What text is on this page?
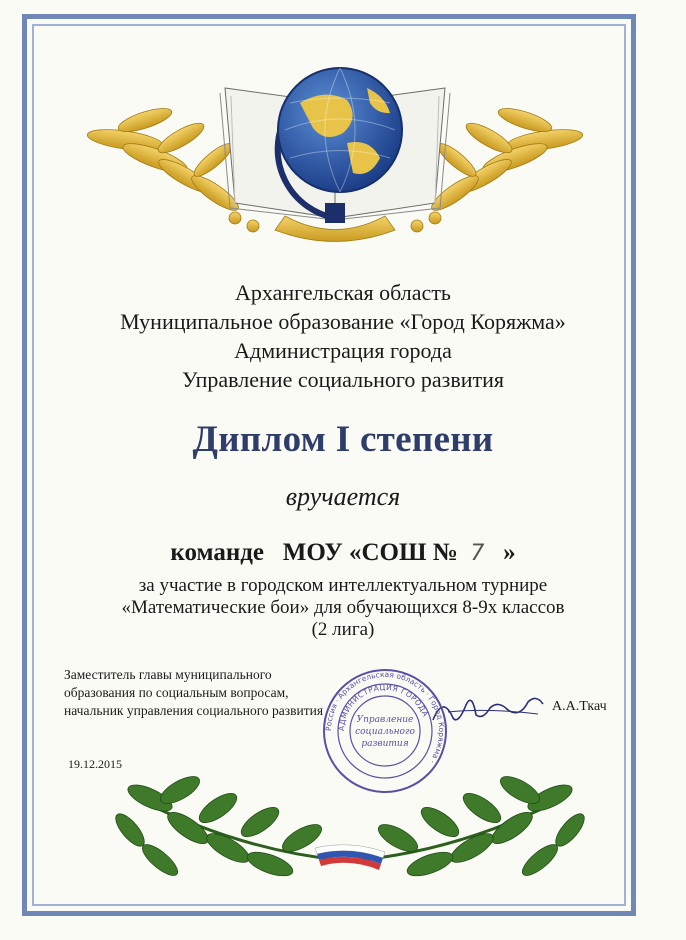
Архангельская область
Муниципальное образование «Город Коряжма»
Администрация города
Управление социального развития
Диплом I степени
вручается
команде   МОУ «СОШ №  7   »
за участие в городском интеллектуальном турнире
«Математические бои» для обучающихся 8-9х классов
(2 лига)
Заместитель главы муниципального
образования по социальным вопросам,
начальник управления социального развития	А.А.Ткач
Россия · Архангельская область · Город Коряжма ·
АДМИНИСТРАЦИЯ ГОРОДА
Управление
социального
развития
19.12.2015
